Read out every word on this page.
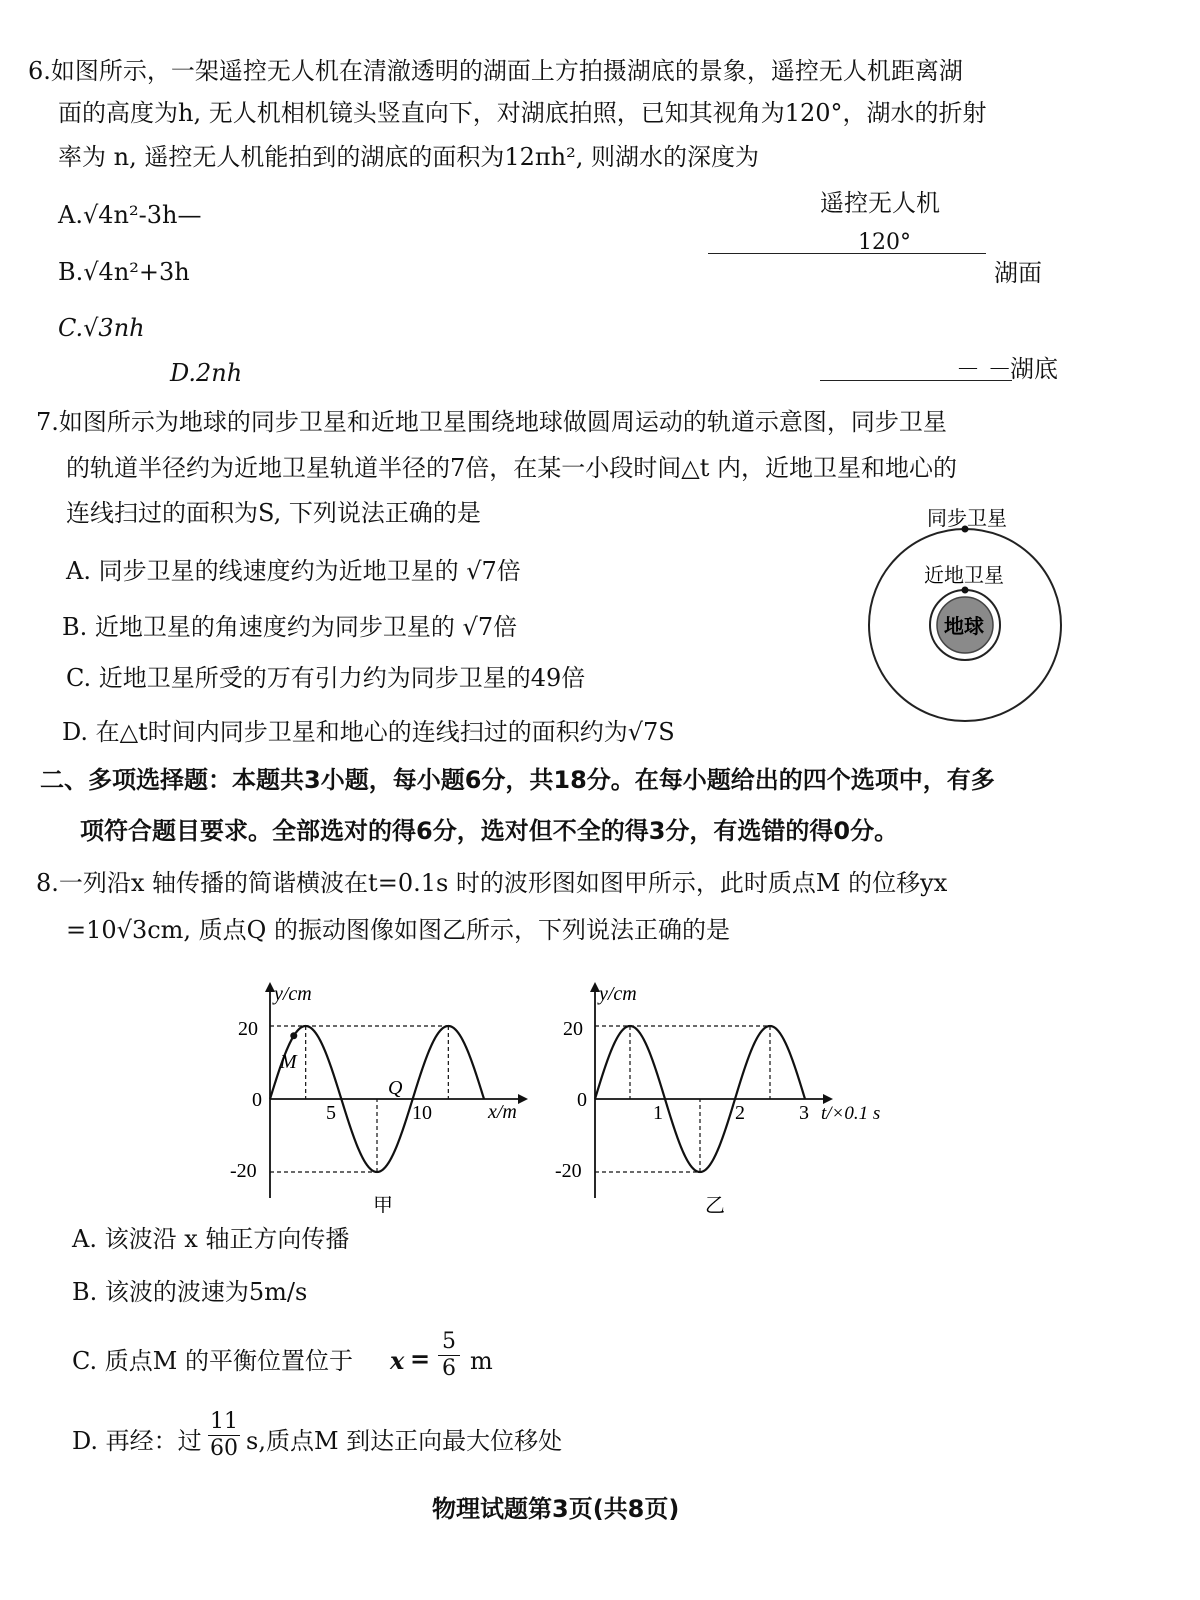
6.如图所示，一架遥控无人机在清澈透明的湖面上方拍摄湖底的景象，遥控无人机距离湖
面的高度为h, 无人机相机镜头竖直向下，对湖底拍照，已知其视角为120°，湖水的折射
率为 n, 遥控无人机能拍到的湖底的面积为12πh², 则湖水的深度为
A.√4n²-3h—
B.√4n²+3h
C.√3nh
D.2nh
遥控无人机
120°
湖面
－ －
湖底
7.如图所示为地球的同步卫星和近地卫星围绕地球做圆周运动的轨道示意图，同步卫星
的轨道半径约为近地卫星轨道半径的7倍，在某一小段时间△t 内，近地卫星和地心的
连线扫过的面积为S, 下列说法正确的是
A. 同步卫星的线速度约为近地卫星的 √7倍
B. 近地卫星的角速度约为同步卫星的 √7倍
C. 近地卫星所受的万有引力约为同步卫星的49倍
D. 在△t时间内同步卫星和地心的连线扫过的面积约为√7S
同步卫星
近地卫星
地球
二、多项选择题：本题共3小题，每小题6分，共18分。在每小题给出的四个选项中，有多
项符合题目要求。全部选对的得6分，选对但不全的得3分，有选错的得0分。
8.一列沿x 轴传播的简谐横波在t=0.1s 时的波形图如图甲所示，此时质点M 的位移yx
=10√3cm, 质点Q 的振动图像如图乙所示，下列说法正确的是
y/cm
x/m
20
0
-20
5	10
M
Q
甲
y/cm
t/×0.1 s
20
0
-20
1	2	3
乙
A. 该波沿 x 轴正方向传播
B. 该波的波速为5m/s
C. 质点M 的平衡位置位于 x =
5
6 m
D. 再经：过
11
60 s,质点M 到达正向最大位移处
物理试题第3页(共8页)
